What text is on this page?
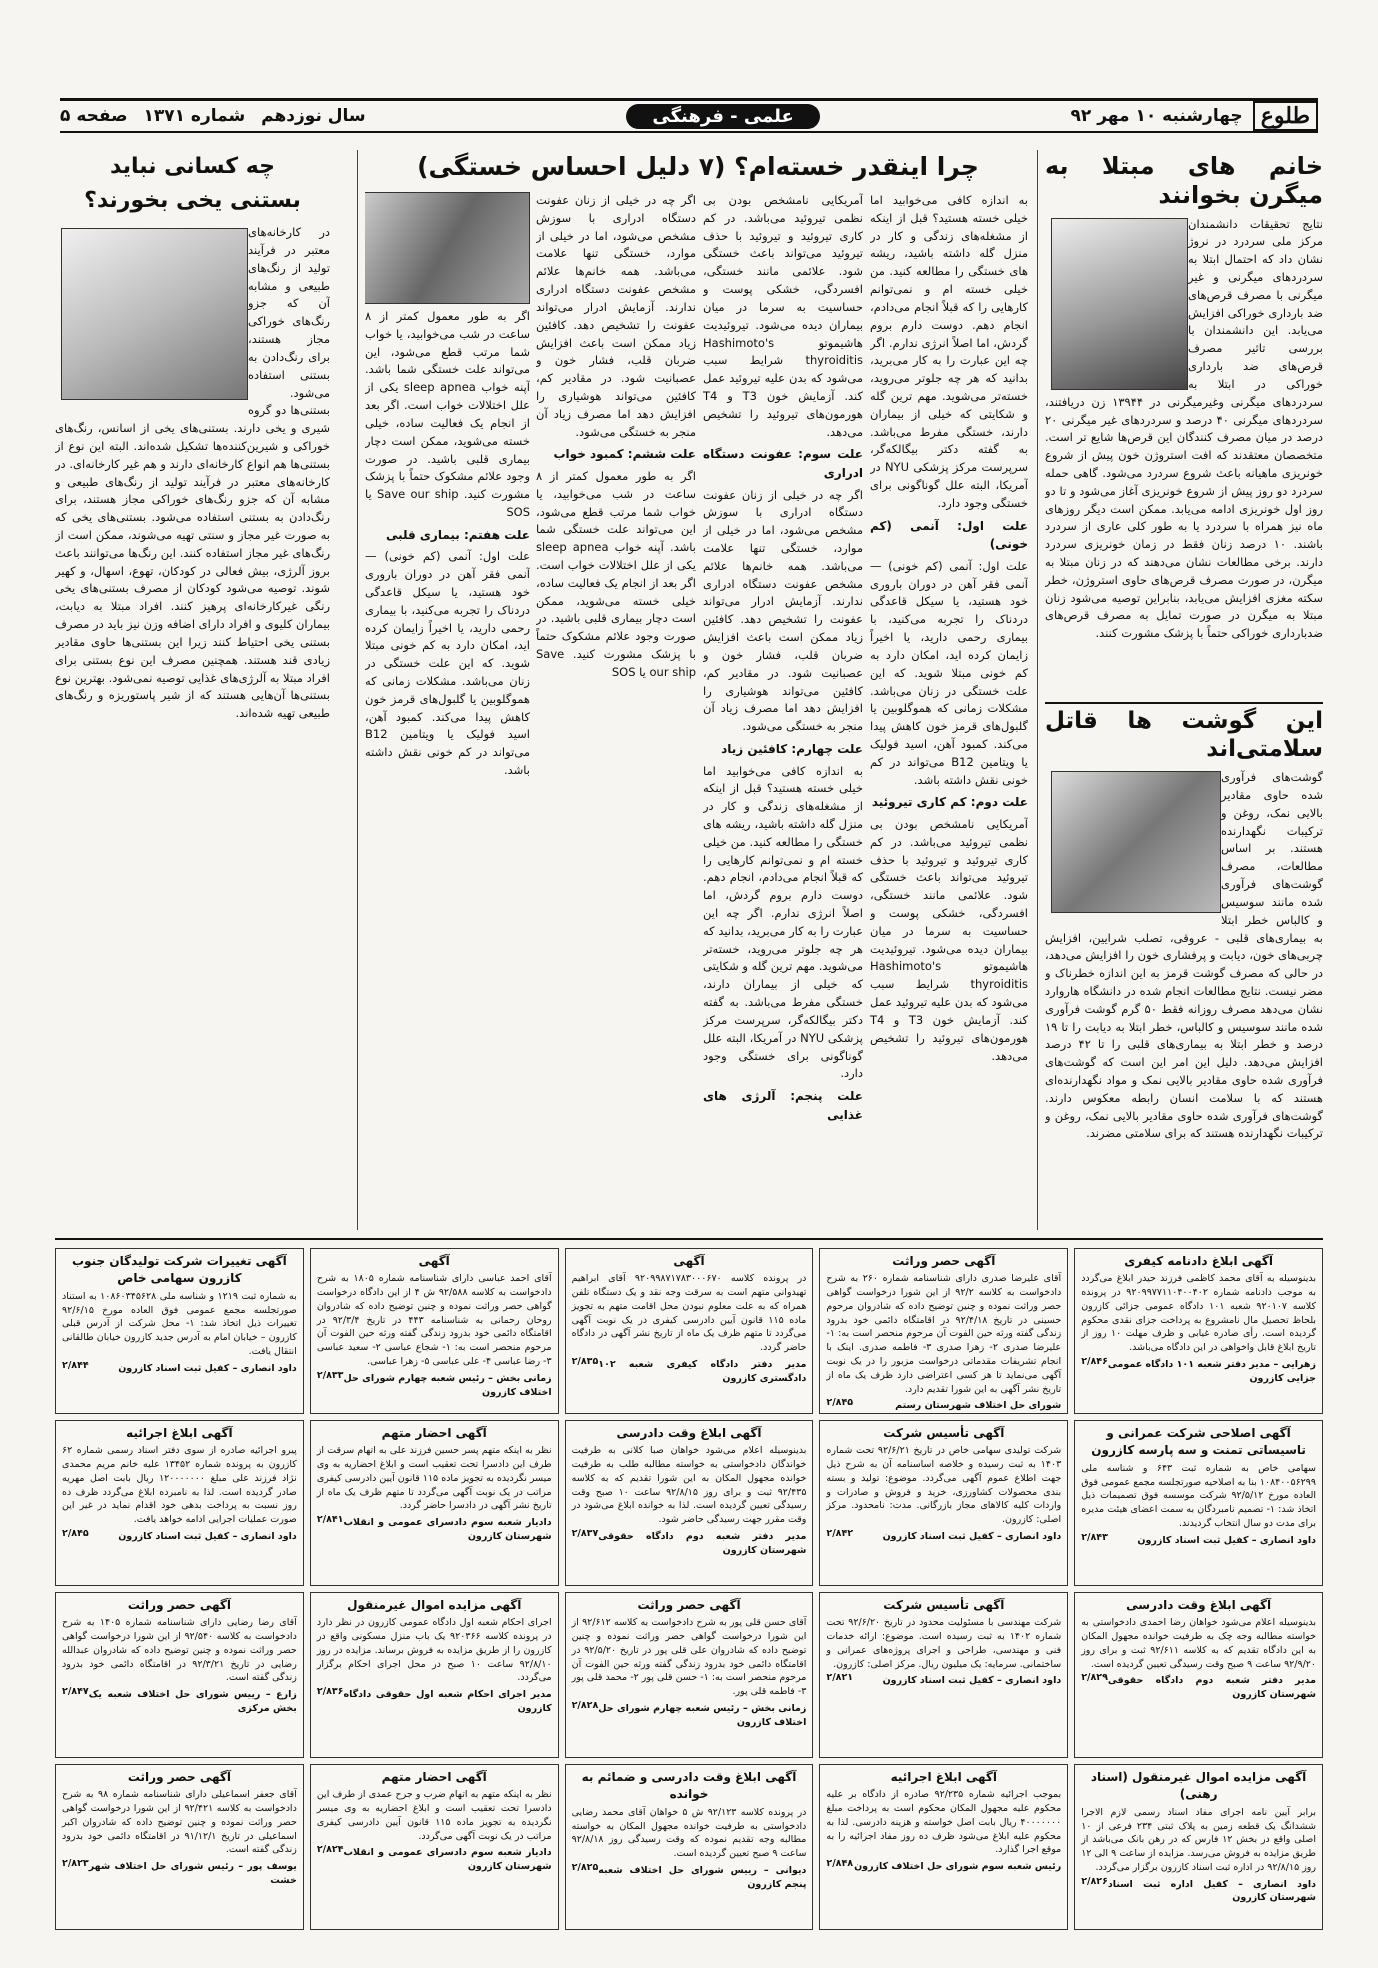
طلوع
چهارشنبه ۱۰ مهر ۹۲
علمی - فرهنگی
سال نوزدهم شماره ۱۳۷۱ صفحه ۵
خانم های مبتلا به میگرن بخوانند

نتایج تحقیقات دانشمندان مرکز ملی سردرد در نروژ نشان داد که احتمال ابتلا به سردردهای میگرنی و غیر میگرنی با مصرف قرص‌های ضد بارداری خوراکی افزایش می‌یابد. این دانشمندان با بررسی تاثیر مصرف قرص‌های ضد بارداری خوراکی در ابتلا به سردردهای میگرنی وغیرمیگرنی در ۱۳۹۴۴ زن دریافتند، سردردهای میگرنی ۴۰ درصد و سردردهای غیر میگرنی ۲۰ درصد در میان مصرف کنندگان این قرص‌ها شایع تر است. متخصصان معتقدند که افت استروژن خون پیش از شروع خونریزی ماهیانه باعث شروع سردرد می‌شود. گاهی حمله سردرد دو روز پیش از شروع خونریزی آغاز می‌شود و تا دو روز اول خونریزی ادامه می‌یابد. ممکن است دیگر روزهای ماه نیز همراه با سردرد یا به طور کلی عاری از سردرد باشند. ۱۰ درصد زنان فقط در زمان خونریزی سردرد دارند. برخی مطالعات نشان می‌دهند که در زنان مبتلا به میگرن، در صورت مصرف قرص‌های حاوی استروژن، خطر سکته مغزی افزایش می‌یابد، بنابراین توصیه می‌شود زنان مبتلا به میگرن در صورت تمایل به مصرف قرص‌های ضدبارداری خوراکی حتماً با پزشک مشورت کنند.

این گوشت ها قاتل سلامتی‌اند

گوشت‌های فرآوری شده حاوی مقادیر بالایی نمک، روغن و ترکیبات نگهدارنده هستند. بر اساس مطالعات، مصرف گوشت‌های فرآوری شده مانند سوسیس و کالباس خطر ابتلا به بیماری‌های قلبی - عروقی، تصلب شرایین، افزایش چربی‌های خون، دیابت و پرفشاری خون را افزایش می‌دهد، در حالی که مصرف گوشت قرمز به این اندازه خطرناک و مضر نیست. نتایج مطالعات انجام شده در دانشگاه هاروارد نشان می‌دهد مصرف روزانه فقط ۵۰ گرم گوشت فرآوری شده مانند سوسیس و کالباس، خطر ابتلا به دیابت را تا ۱۹ درصد و خطر ابتلا به بیماری‌های قلبی را تا ۴۲ درصد افزایش می‌دهد. دلیل این امر این است که گوشت‌های فرآوری شده حاوی مقادیر بالایی نمک و مواد نگهدارنده‌ای هستند که با سلامت انسان رابطه معکوس دارند. گوشت‌های فرآوری شده حاوی مقادیر بالایی نمک، روغن و ترکیبات نگهدارنده هستند که برای سلامتی مضرند.

چرا اینقدر خسته‌ام؟ (۷ دلیل احساس خستگی)

به اندازه کافی می‌خوابید اما خیلی خسته هستید؟ قبل از اینکه از مشغله‌های زندگی و کار در منزل گله داشته باشید، ریشه های خستگی را مطالعه کنید. من خیلی خسته ام و نمی‌توانم کارهایی را که قبلاً انجام می‌دادم، انجام دهم. دوست دارم بروم گردش، اما اصلاً انرژی ندارم. اگر چه این عبارت را به کار می‌برید، بدانید که هر چه جلوتر می‌روید، خسته‌تر می‌شوید. مهم ترین گله و شکایتی که خیلی از بیماران دارند، خستگی مفرط می‌باشد. به گفته دکتر بیگالکه‌گر، سرپرست مرکز پزشکی NYU در آمریکا، البته علل گوناگونی برای خستگی وجود دارد.

علت اول: آنمی (کم خونی)

علت اول: آنمی (کم خونی) — آنمی فقر آهن در دوران باروری خود هستید، یا سیکل قاعدگی دردناک را تجربه می‌کنید، با بیماری رحمی دارید، یا اخیراً زایمان کرده اید، امکان دارد به کم خونی مبتلا شوید. که این علت خستگی در زنان می‌باشد. مشکلات زمانی که هموگلوبین یا گلبول‌های قرمز خون کاهش پیدا می‌کند. کمبود آهن، اسید فولیک یا ویتامین B12 می‌تواند در کم خونی نقش داشته باشد.

علت دوم: کم کاری تیروئید

آمریکایی نامشخص بودن بی نظمی تیروئید می‌باشد. در کم کاری تیروئید و تیروئید با حذف تیروئید می‌تواند باعث خستگی شود. علائمی مانند خستگی، افسردگی، خشکی پوست و حساسیت به سرما در میان بیماران دیده می‌شود. تیروئیدیت هاشیموتو Hashimoto's thyroiditis شرایط سبب می‌شود که بدن علیه تیروئید عمل کند. آزمایش خون T3 و T4 هورمون‌های تیروئید را تشخیص می‌دهد.

آمریکایی نامشخص بودن بی نظمی تیروئید می‌باشد. در کم کاری تیروئید و تیروئید با حذف تیروئید می‌تواند باعث خستگی شود. علائمی مانند خستگی، افسردگی، خشکی پوست و حساسیت به سرما در میان بیماران دیده می‌شود. تیروئیدیت هاشیموتو Hashimoto's thyroiditis شرایط سبب می‌شود که بدن علیه تیروئید عمل کند. آزمایش خون T3 و T4 هورمون‌های تیروئید را تشخیص می‌دهد.

علت سوم: عفونت دستگاه ادراری

اگر چه در خیلی از زنان عفونت دستگاه ادراری با سوزش مشخص می‌شود، اما در خیلی از موارد، خستگی تنها علامت می‌باشد. همه خانم‌ها علائم مشخص عفونت دستگاه ادراری ندارند. آزمایش ادرار می‌تواند عفونت را تشخیص دهد. کافئین زیاد ممکن است باعث افزایش ضربان قلب، فشار خون و عصبانیت شود. در مقادیر کم، کافئین می‌تواند هوشیاری را افزایش دهد اما مصرف زیاد آن منجر به خستگی می‌شود.

علت چهارم: کافئین زیاد

به اندازه کافی می‌خوابید اما خیلی خسته هستید؟ قبل از اینکه از مشغله‌های زندگی و کار در منزل گله داشته باشید، ریشه های خستگی را مطالعه کنید. من خیلی خسته ام و نمی‌توانم کارهایی را که قبلاً انجام می‌دادم، انجام دهم. دوست دارم بروم گردش، اما اصلاً انرژی ندارم. اگر چه این عبارت را به کار می‌برید، بدانید که هر چه جلوتر می‌روید، خسته‌تر می‌شوید. مهم ترین گله و شکایتی که خیلی از بیماران دارند، خستگی مفرط می‌باشد. به گفته دکتر بیگالکه‌گر، سرپرست مرکز پزشکی NYU در آمریکا، البته علل گوناگونی برای خستگی وجود دارد.

علت پنجم: آلرژی های غذایی

اگر چه در خیلی از زنان عفونت دستگاه ادراری با سوزش مشخص می‌شود، اما در خیلی از موارد، خستگی تنها علامت می‌باشد. همه خانم‌ها علائم مشخص عفونت دستگاه ادراری ندارند. آزمایش ادرار می‌تواند عفونت را تشخیص دهد. کافئین زیاد ممکن است باعث افزایش ضربان قلب، فشار خون و عصبانیت شود. در مقادیر کم، کافئین می‌تواند هوشیاری را افزایش دهد اما مصرف زیاد آن منجر به خستگی می‌شود.

علت ششم: کمبود خواب

اگر به طور معمول کمتر از ۸ ساعت در شب می‌خوابید، یا خواب شما مرتب قطع می‌شود، این می‌تواند علت خستگی شما باشد. آپنه خواب sleep apnea یکی از علل اختلالات خواب است. اگر بعد از انجام یک فعالیت ساده، خیلی خسته می‌شوید، ممکن است دچار بیماری قلبی باشید. در صورت وجود علائم مشکوک حتماً با پزشک مشورت کنید. Save our ship یا SOS

اگر به طور معمول کمتر از ۸ ساعت در شب می‌خوابید، یا خواب شما مرتب قطع می‌شود، این می‌تواند علت خستگی شما باشد. آپنه خواب sleep apnea یکی از علل اختلالات خواب است. اگر بعد از انجام یک فعالیت ساده، خیلی خسته می‌شوید، ممکن است دچار بیماری قلبی باشید. در صورت وجود علائم مشکوک حتماً با پزشک مشورت کنید. Save our ship یا SOS

علت هفتم: بیماری قلبی

علت اول: آنمی (کم خونی) — آنمی فقر آهن در دوران باروری خود هستید، یا سیکل قاعدگی دردناک را تجربه می‌کنید، با بیماری رحمی دارید، یا اخیراً زایمان کرده اید، امکان دارد به کم خونی مبتلا شوید. که این علت خستگی در زنان می‌باشد. مشکلات زمانی که هموگلوبین یا گلبول‌های قرمز خون کاهش پیدا می‌کند. کمبود آهن، اسید فولیک یا ویتامین B12 می‌تواند در کم خونی نقش داشته باشد.

چه کسانی نباید
بستنی یخی بخورند؟

در کارخانه‌های معتبر در فرآیند تولید از رنگ‌های طبیعی و مشابه آن که جزو رنگ‌های خوراکی مجاز هستند، برای رنگ‌دادن به بستنی استفاده می‌شود. بستنی‌ها دو گروه شیری و یخی دارند. بستنی‌های یخی از اسانس، رنگ‌های خوراکی و شیرین‌کننده‌ها تشکیل شده‌اند. البته این نوع از بستنی‌ها هم انواع کارخانه‌ای دارند و هم غیر کارخانه‌ای. در کارخانه‌های معتبر در فرآیند تولید از رنگ‌های طبیعی و مشابه آن که جزو رنگ‌های خوراکی مجاز هستند، برای رنگ‌دادن به بستنی استفاده می‌شود. بستنی‌های یخی که به صورت غیر مجاز و سنتی تهیه می‌شوند، ممکن است از رنگ‌های غیر مجاز استفاده کنند. این رنگ‌ها می‌توانند باعث بروز آلرژی، بیش فعالی در کودکان، تهوع، اسهال، و کهیر شوند. توصیه می‌شود کودکان از مصرف بستنی‌های یخی رنگی غیرکارخانه‌ای پرهیز کنند. افراد مبتلا به دیابت، بیماران کلیوی و افراد دارای اضافه وزن نیز باید در مصرف بستنی یخی احتیاط کنند زیرا این بستنی‌ها حاوی مقادیر زیادی قند هستند. همچنین مصرف این نوع بستنی برای افراد مبتلا به آلرژی‌های غذایی توصیه نمی‌شود. بهترین نوع بستنی‌ها آن‌هایی هستند که از شیر پاستوریزه و رنگ‌های طبیعی تهیه شده‌اند.

آگهی ابلاغ دادنامه کیفری
بدینوسیله به آقای محمد کاظمی فرزند حیدر ابلاغ می‌گردد به موجب دادنامه شماره ۹۲۰۹۹۷۷۱۱۰۴۰۰۴۰۲ در پرونده کلاسه ۹۲۰۱۰۷ شعبه ۱۰۱ دادگاه عمومی جزائی کازرون بلحاظ تحصیل مال نامشروع به پرداخت جزای نقدی محکوم گردیده است. رأی صادره غیابی و ظرف مهلت ۱۰ روز از تاریخ ابلاغ قابل واخواهی در این دادگاه می‌باشد.
۲/۸۴۶ زهرایی – مدیر دفتر شعبه ۱۰۱ دادگاه عمومی جزایی کازرون
آگهی حصر وراثت
آقای علیرضا صدری دارای شناسنامه شماره ۲۶۰ به شرح دادخواست به کلاسه ۹۲/۲ از این شورا درخواست گواهی حصر وراثت نموده و چنین توضیح داده که شادروان مرحوم حسینی در تاریخ ۹۲/۴/۱۸ در اقامتگاه دائمی خود بدرود زندگی گفته ورثه حین الفوت آن مرحوم منحصر است به: ۱- علیرضا صدری ۲- زهرا صدری ۳- فاطمه صدری. اینک با انجام تشریفات مقدماتی درخواست مزبور را در یک نوبت آگهی می‌نماید تا هر کسی اعتراضی دارد ظرف یک ماه از تاریخ نشر آگهی به این شورا تقدیم دارد.
۲/۸۴۵	شورای حل اختلاف شهرستان رستم
آگهی
در پرونده کلاسه ۹۲۰۹۹۸۷۱۷۸۳۰۰۰۶۷۰ آقای ابراهیم تهیدوانی متهم است به سرقت وجه نقد و یک دستگاه تلفن همراه که به علت معلوم نبودن محل اقامت متهم به تجویز ماده ۱۱۵ قانون آیین دادرسی کیفری در یک نوبت آگهی می‌گردد تا متهم ظرف یک ماه از تاریخ نشر آگهی در دادگاه حاضر گردد.
۲/۸۳۵ مدیر دفتر دادگاه کیفری شعبه ۱۰۲ دادگستری کازرون
آگهی
آقای احمد عباسی دارای شناسنامه شماره ۱۸۰۵ به شرح دادخواست به کلاسه ۹۲/۵۸۸ ش ۴ از این دادگاه درخواست گواهی حصر وراثت نموده و چنین توضیح داده که شادروان روحان رحمانی به شناسنامه ۴۴۳ در تاریخ ۹۲/۳/۴ در اقامتگاه دائمی خود بدرود زندگی گفته ورثه حین الفوت آن مرحوم منحصر است به: ۱- شجاع عباسی ۲- سعید عباسی ۳- رضا عباسی ۴- علی عباسی ۵- زهرا عباسی.
۲/۸۳۳ زمانی بخش – رئیس شعبه چهارم شورای حل اختلاف کازرون
آگهی تغییرات شرکت تولیدگان جنوب کازرون سهامی خاص
به شماره ثبت ۱۲۱۹ و شناسه ملی ۱۰۸۶۰۳۴۵۶۲۸ به استناد صورتجلسه مجمع عمومی فوق العاده مورخ ۹۲/۶/۱۵ تغییرات ذیل اتخاذ شد: ۱- محل شرکت از آدرس قبلی کازرون – خیابان امام به آدرس جدید کازرون خیابان طالقانی انتقال یافت.
۲/۸۴۴	داود انصاری – کفیل ثبت اسناد کازرون
آگهی اصلاحی شرکت عمرانی و تاسیساتی تمنت و سه پارسه کازرون
سهامی خاص به شماره ثبت ۶۴۳ و شناسه ملی ۱۰۸۴۰۰۵۶۲۹۹ بنا به اصلاحیه صورتجلسه مجمع عمومی فوق العاده مورخ ۹۲/۵/۱۲ شرکت موسسه فوق تصمیمات ذیل اتخاذ شد: ۱- تصمیم نامبردگان به سمت اعضای هیئت مدیره برای مدت دو سال انتخاب گردیدند.
۲/۸۴۳	داود انصاری – کفیل ثبت اسناد کازرون
آگهی تأسیس شرکت
شرکت تولیدی سهامی خاص در تاریخ ۹۲/۶/۲۱ تحت شماره ۱۴۰۳ به ثبت رسیده و خلاصه اساسنامه آن به شرح ذیل جهت اطلاع عموم آگهی می‌گردد. موضوع: تولید و بسته بندی محصولات کشاورزی، خرید و فروش و صادرات و واردات کلیه کالاهای مجاز بازرگانی. مدت: نامحدود. مرکز اصلی: کازرون.
۲/۸۴۲	داود انصاری – کفیل ثبت اسناد کازرون
آگهی ابلاغ وقت دادرسی
بدینوسیله اعلام می‌شود خواهان صبا کلانی به طرفیت خواندگان دادخواستی به خواسته مطالبه طلب به طرفیت خوانده مجهول المکان به این شورا تقدیم که به کلاسه ۹۲/۴۳۵ ثبت و برای روز ۹۲/۸/۱۵ ساعت ۱۰ صبح وقت رسیدگی تعیین گردیده است. لذا به خوانده ابلاغ می‌شود در وقت مقرر جهت رسیدگی حاضر شود.
۲/۸۳۷ مدیر دفتر شعبه دوم دادگاه حقوقی شهرستان کازرون
آگهی احضار متهم
نظر به اینکه متهم پسر حسین فرزند علی به اتهام سرقت از طرف این دادسرا تحت تعقیب است و ابلاغ احضاریه به وی میسر نگردیده به تجویز ماده ۱۱۵ قانون آیین دادرسی کیفری مراتب در یک نوبت آگهی می‌گردد تا متهم ظرف یک ماه از تاریخ نشر آگهی در دادسرا حاضر گردد.
۲/۸۴۱ دادیار شعبه سوم دادسرای عمومی و انقلاب شهرستان کازرون
آگهی ابلاغ اجرائیه
پیرو اجرائیه صادره از سوی دفتر اسناد رسمی شماره ۶۲ کازرون به پرونده شماره ۱۳۴۵۲ علیه خانم مریم محمدی نژاد فرزند علی مبلغ ۱۲۰۰۰۰۰۰۰ ریال بابت اصل مهریه صادر گردیده است. لذا به نامبرده ابلاغ می‌گردد ظرف ده روز نسبت به پرداخت بدهی خود اقدام نماید در غیر این صورت عملیات اجرایی ادامه خواهد یافت.
۲/۸۴۵	داود انصاری – کفیل ثبت اسناد کازرون
آگهی ابلاغ وقت دادرسی
بدینوسیله اعلام می‌شود خواهان رضا احمدی دادخواستی به خواسته مطالبه وجه چک به طرفیت خوانده مجهول المکان به این دادگاه تقدیم که به کلاسه ۹۲/۶۱۱ ثبت و برای روز ۹۲/۹/۲۰ ساعت ۹ صبح وقت رسیدگی تعیین گردیده است.
۲/۸۲۹ مدیر دفتر شعبه دوم دادگاه حقوقی شهرستان کازرون
آگهی تأسیس شرکت
شرکت مهندسی با مسئولیت محدود در تاریخ ۹۲/۶/۲۰ تحت شماره ۱۴۰۲ به ثبت رسیده است. موضوع: ارائه خدمات فنی و مهندسی، طراحی و اجرای پروژه‌های عمرانی و ساختمانی. سرمایه: یک میلیون ریال. مرکز اصلی: کازرون.
۲/۸۲۱	داود انصاری – کفیل ثبت اسناد کازرون
آگهی حصر وراثت
آقای حسن قلی پور به شرح دادخواست به کلاسه ۹۲/۶۱۲ از این شورا درخواست گواهی حصر وراثت نموده و چنین توضیح داده که شادروان علی قلی پور در تاریخ ۹۲/۵/۲۰ در اقامتگاه دائمی خود بدرود زندگی گفته ورثه حین الفوت آن مرحوم منحصر است به: ۱- حسن قلی پور ۲- محمد قلی پور ۳- فاطمه قلی پور.
۲/۸۲۸ زمانی بخش – رئیس شعبه چهارم شورای حل اختلاف کازرون
آگهی مزایده اموال غیرمنقول
اجرای احکام شعبه اول دادگاه عمومی کازرون در نظر دارد در پرونده کلاسه ۹۲۰۳۶۶ یک باب منزل مسکونی واقع در کازرون را از طریق مزایده به فروش برساند. مزایده در روز ۹۲/۸/۱۰ ساعت ۱۰ صبح در محل اجرای احکام برگزار می‌گردد.
۲/۸۳۶ مدیر اجرای احکام شعبه اول حقوقی دادگاه کازرون
آگهی حصر وراثت
آقای رضا رضایی دارای شناسنامه شماره ۱۴۰۵ به شرح دادخواست به کلاسه ۹۲/۵۴۰ از این شورا درخواست گواهی حصر وراثت نموده و چنین توضیح داده که شادروان عبدالله رضایی در تاریخ ۹۲/۳/۲۱ در اقامتگاه دائمی خود بدرود زندگی گفته است.
۲/۸۴۷ زارع – رییس شورای حل اختلاف شعبه یک بخش مرکزی
آگهی مزایده اموال غیرمنقول (اسناد رهنی)
برابر آیین نامه اجرای مفاد اسناد رسمی لازم الاجرا ششدانگ یک قطعه زمین به پلاک ثبتی ۲۳۴ فرعی از ۱۰ اصلی واقع در بخش ۱۲ فارس که در رهن بانک می‌باشد از طریق مزایده به فروش می‌رسد. مزایده از ساعت ۹ الی ۱۲ روز ۹۲/۸/۱۵ در اداره ثبت اسناد کازرون برگزار می‌گردد.
۲/۸۲۶ داود انصاری – کفیل اداره ثبت اسناد شهرستان کازرون
آگهی ابلاغ اجرائیه
بموجب اجرائیه شماره ۹۲/۲۳۵ صادره از دادگاه بر علیه محکوم علیه مجهول المکان محکوم است به پرداخت مبلغ ۴۰۰۰۰۰۰۰ ریال بابت اصل خواسته و هزینه دادرسی. لذا به محکوم علیه ابلاغ می‌شود ظرف ده روز مفاد اجرائیه را به موقع اجرا گذارد.
۲/۸۴۸ رئیس شعبه سوم شورای حل اختلاف کازرون
آگهی ابلاغ وقت دادرسی و ضمائم به خوانده
در پرونده کلاسه ۹۲/۱۲۳ ش ۵ خواهان آقای محمد رضایی دادخواستی به طرفیت خوانده مجهول المکان به خواسته مطالبه وجه تقدیم نموده که وقت رسیدگی روز ۹۲/۸/۱۸ ساعت ۹ صبح تعیین گردیده است.
۲/۸۲۵ دیوانی – رییس شورای حل اختلاف شعبه پنجم کازرون
آگهی احضار متهم
نظر به اینکه متهم به اتهام ضرب و جرح عمدی از طرف این دادسرا تحت تعقیب است و ابلاغ احضاریه به وی میسر نگردیده به تجویز ماده ۱۱۵ قانون آیین دادرسی کیفری مراتب در یک نوبت آگهی می‌گردد.
۲/۸۲۴ دادیار شعبه سوم دادسرای عمومی و انقلاب شهرستان کازرون
آگهی حصر وراثت
آقای جعفر اسماعیلی دارای شناسنامه شماره ۹۸ به شرح دادخواست به کلاسه ۹۲/۴۲۱ از این شورا درخواست گواهی حصر وراثت نموده و چنین توضیح داده که شادروان اکبر اسماعیلی در تاریخ ۹۱/۱۲/۱ در اقامتگاه دائمی خود بدرود زندگی گفته است.
۲/۸۲۳ یوسف پور – رئیس شورای حل اختلاف شهر خشت
